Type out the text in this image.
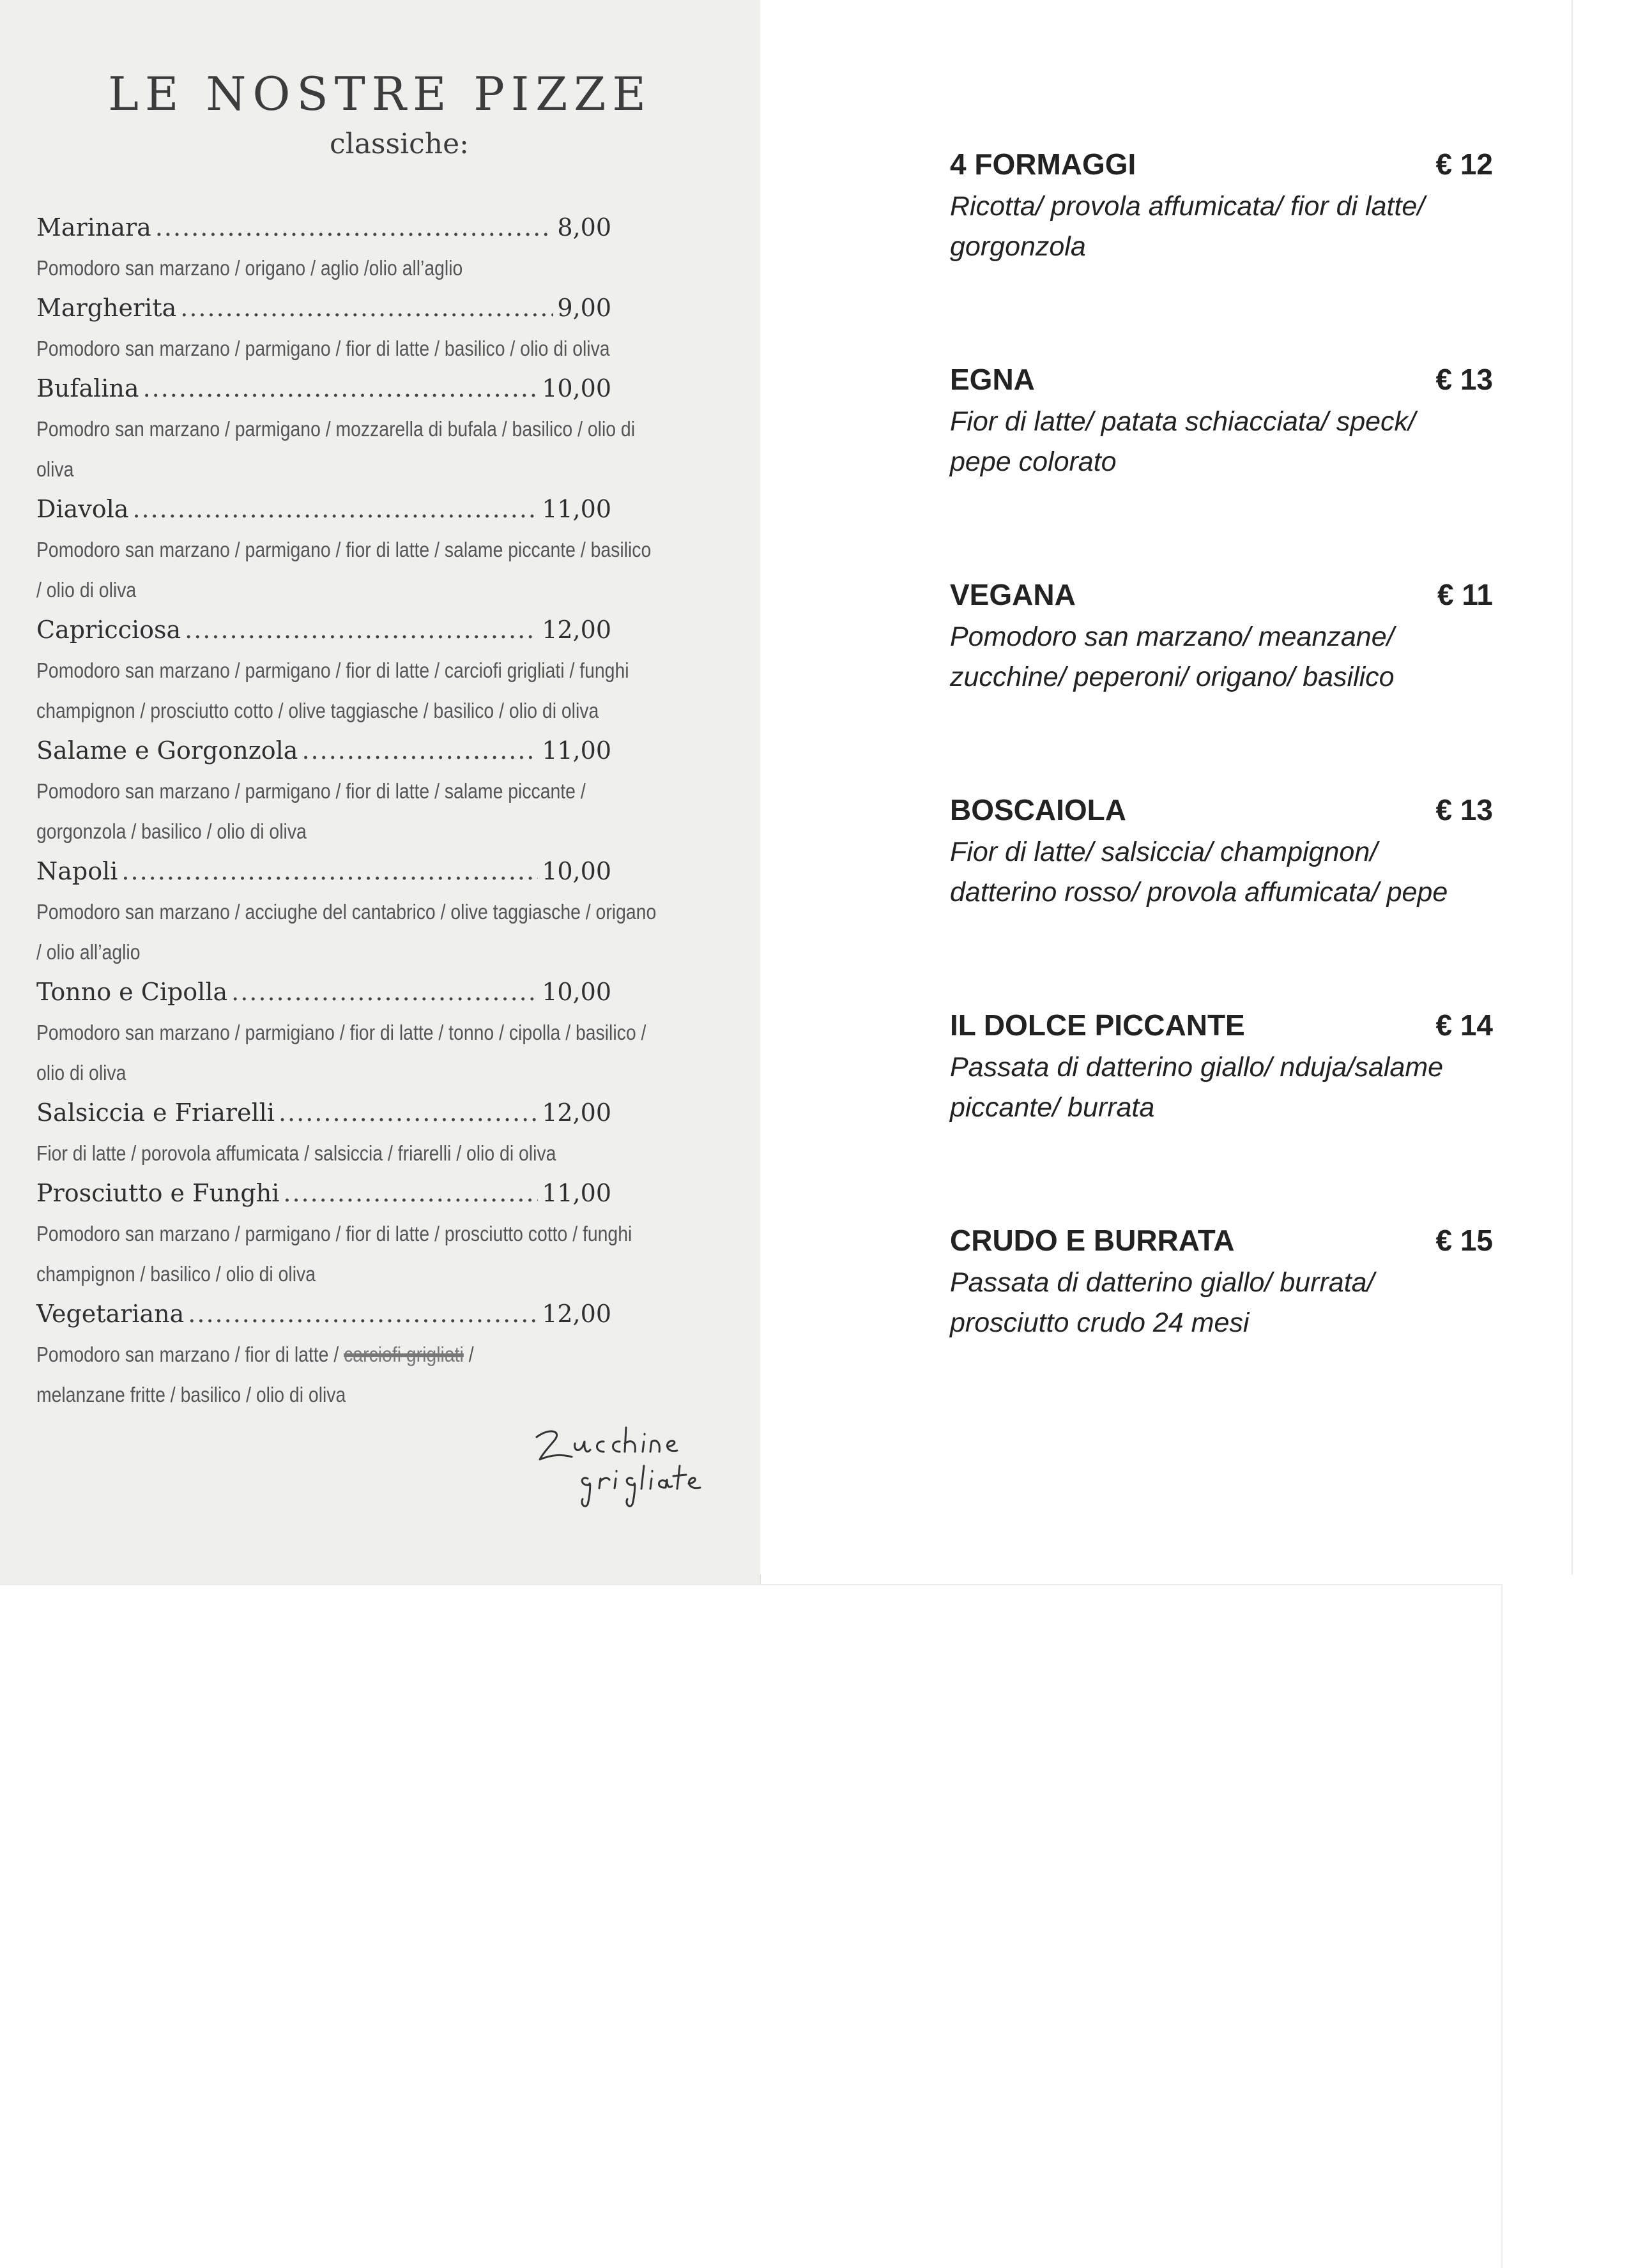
LE NOSTRE PIZZE
classiche:
Marinara .....	8,00
Pomodoro san marzano / origano / aglio /olio all’aglio
Margherita .....	9,00
Pomodoro san marzano / parmigano / fior di latte / basilico / olio di oliva
Bufalina .....	10,00
Pomodro san marzano / parmigano / mozzarella di bufala / basilico / olio di oliva
Diavola .....	11,00
Pomodoro san marzano / parmigano / fior di latte / salame piccante / basilico / olio di oliva
Capricciosa .....	12,00
Pomodoro san marzano / parmigano / fior di latte / carciofi grigliati / funghi champignon / prosciutto cotto / olive taggiasche / basilico / olio di oliva
Salame e Gorgonzola .....	11,00
Pomodoro san marzano / parmigano / fior di latte / salame piccante / gorgonzola / basilico / olio di oliva
Napoli .....	10,00
Pomodoro san marzano / acciughe del cantabrico / olive taggiasche / origano / olio all’aglio
Tonno e Cipolla .....	10,00
Pomodoro san marzano / parmigiano / fior di latte / tonno / cipolla / basilico / olio di oliva
Salsiccia e Friarelli .....	12,00
Fior di latte / porovola affumicata / salsiccia / friarelli / olio di oliva
Prosciutto e Funghi .....	11,00
Pomodoro san marzano / parmigano / fior di latte / prosciutto cotto / funghi champignon / basilico / olio di oliva
Vegetariana .....	12,00
Pomodoro san marzano / fior di latte / carciofi grigliati /
melanzane fritte / basilico / olio di oliva
4 FORMAGGI	€ 12
Ricotta/ provola affumicata/ fior di latte/
gorgonzola
EGNA	€ 13
Fior di latte/ patata schiacciata/ speck/
pepe colorato
VEGANA	€ 11
Pomodoro san marzano/ meanzane/
zucchine/ peperoni/ origano/ basilico
BOSCAIOLA	€ 13
Fior di latte/ salsiccia/ champignon/
datterino rosso/ provola affumicata/ pepe
IL DOLCE PICCANTE	€ 14
Passata di datterino giallo/ nduja/salame
piccante/ burrata
CRUDO E BURRATA	€ 15
Passata di datterino giallo/ burrata/
prosciutto crudo 24 mesi
